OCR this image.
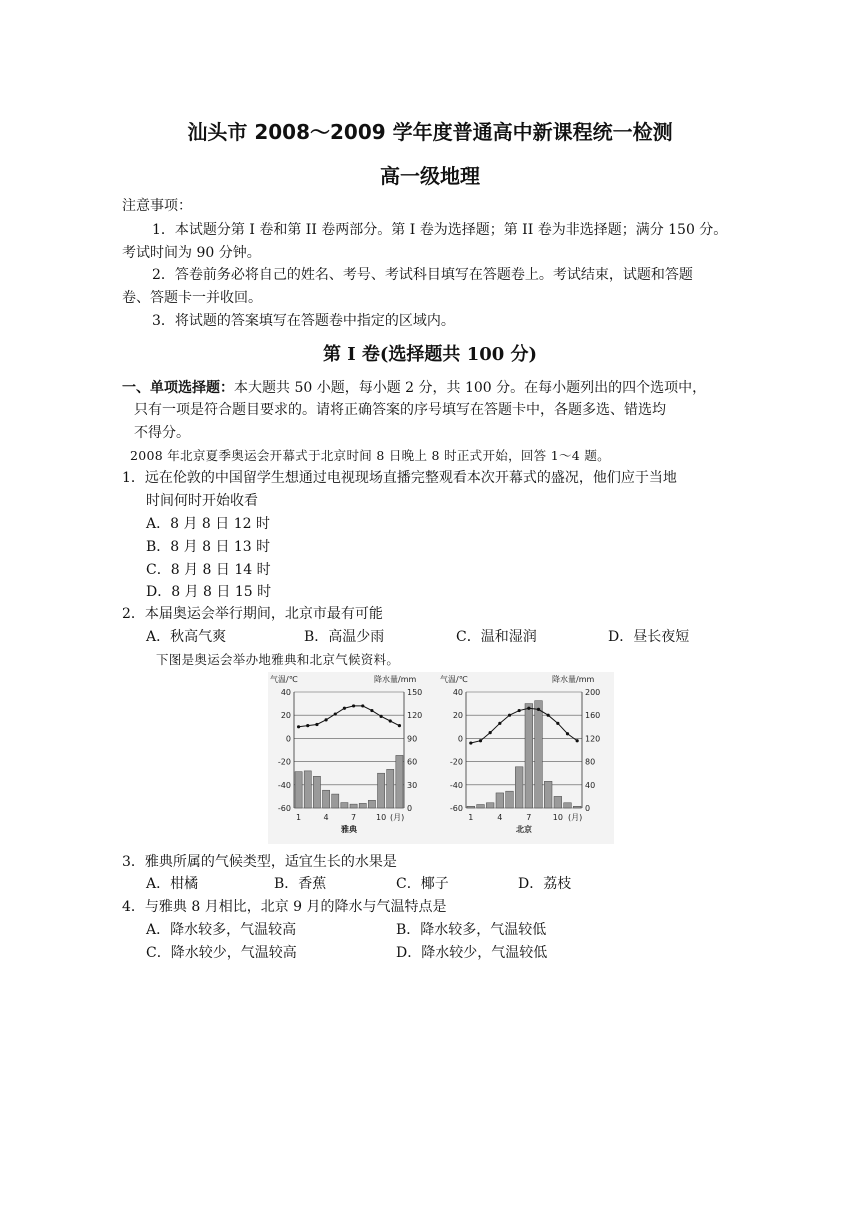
汕头市 2008～2009 学年度普通高中新课程统一检测
高一级地理
注意事项：
1．本试题分第 I 卷和第 II 卷两部分。第 I 卷为选择题；第 II 卷为非选择题；满分 150 分。
考试时间为 90 分钟。
2．答卷前务必将自己的姓名、考号、考试科目填写在答题卷上。考试结束，试题和答题
卷、答题卡一并收回。
3．将试题的答案填写在答题卷中指定的区域内。
第 I 卷(选择题共 100 分)
一、单项选择题：本大题共 50 小题，每小题 2 分，共 100 分。在每小题列出的四个选项中，
只有一项是符合题目要求的。请将正确答案的序号填写在答题卡中，各题多选、错选均
不得分。
2008 年北京夏季奥运会开幕式于北京时间 8 日晚上 8 时正式开始，回答 1～4 题。
1．远在伦敦的中国留学生想通过电视现场直播完整观看本次开幕式的盛况，他们应于当地
时间何时开始收看
A．8 月 8 日 12 时
B．8 月 8 日 13 时
C．8 月 8 日 14 时
D．8 月 8 日 15 时
2．本届奥运会举行期间，北京市最有可能
A．秋高气爽	B．高温少雨	C．温和湿润	D．昼长夜短
下图是奥运会举办地雅典和北京气候资料。
气温/℃	降水量/mm
40
20
0
-20
-40
-60
150
120
90
60
30
0
1	4	7 10 (月)
雅典
气温/℃	降水量/mm
40
20
0
-20
-40
-60
200
160
120
80
40
0
1	4	7	10 (月)
北京
3．雅典所属的气候类型，适宜生长的水果是
A．柑橘	B．香蕉	C．椰子	D．荔枝
4．与雅典 8 月相比，北京 9 月的降水与气温特点是
A．降水较多，气温较高	B．降水较多，气温较低
C．降水较少，气温较高	D．降水较少，气温较低
